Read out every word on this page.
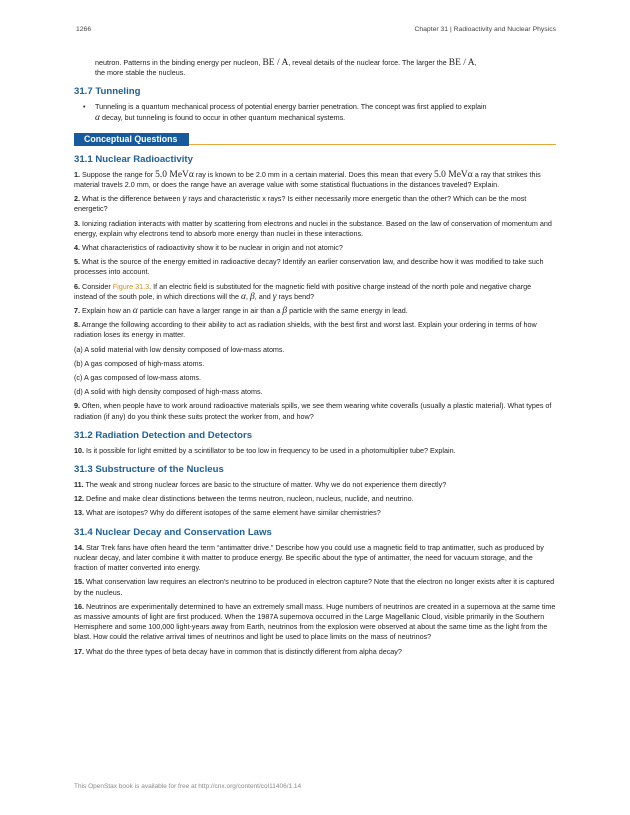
1266	Chapter 31 | Radioactivity and Nuclear Physics
neutron. Patterns in the binding energy per nucleon, BE / A, reveal details of the nuclear force. The larger the BE / A,
the more stable the nucleus.
31.7 Tunneling
• Tunneling is a quantum mechanical process of potential energy barrier penetration. The concept was first applied to explain
α decay, but tunneling is found to occur in other quantum mechanical systems.
Conceptual Questions
31.1 Nuclear Radioactivity

1. Suppose the range for 5.0 MeVα ray is known to be 2.0 mm in a certain material. Does this mean that every 5.0 MeVα a ray that strikes this material travels 2.0 mm, or does the range have an average value with some statistical fluctuations in the distances traveled? Explain.

2. What is the difference between γ rays and characteristic x rays? Is either necessarily more energetic than the other? Which can be the most energetic?

3. Ionizing radiation interacts with matter by scattering from electrons and nuclei in the substance. Based on the law of conservation of momentum and energy, explain why electrons tend to absorb more energy than nuclei in these interactions.

4. What characteristics of radioactivity show it to be nuclear in origin and not atomic?

5. What is the source of the energy emitted in radioactive decay? Identify an earlier conservation law, and describe how it was modified to take such processes into account.

6. Consider Figure 31.3. If an electric field is substituted for the magnetic field with positive charge instead of the north pole and negative charge instead of the south pole, in which directions will the α, β, and γ rays bend?

7. Explain how an α particle can have a larger range in air than a β particle with the same energy in lead.

8. Arrange the following according to their ability to act as radiation shields, with the best first and worst last. Explain your ordering in terms of how radiation loses its energy in matter.

(a) A solid material with low density composed of low-mass atoms.

(b) A gas composed of high-mass atoms.

(c) A gas composed of low-mass atoms.

(d) A solid with high density composed of high-mass atoms.

9. Often, when people have to work around radioactive materials spills, we see them wearing white coveralls (usually a plastic material). What types of radiation (if any) do you think these suits protect the worker from, and how?

31.2 Radiation Detection and Detectors

10. Is it possible for light emitted by a scintillator to be too low in frequency to be used in a photomultiplier tube? Explain.

31.3 Substructure of the Nucleus

11. The weak and strong nuclear forces are basic to the structure of matter. Why we do not experience them directly?

12. Define and make clear distinctions between the terms neutron, nucleon, nucleus, nuclide, and neutrino.

13. What are isotopes? Why do different isotopes of the same element have similar chemistries?

31.4 Nuclear Decay and Conservation Laws

14. Star Trek fans have often heard the term “antimatter drive.” Describe how you could use a magnetic field to trap antimatter, such as produced by nuclear decay, and later combine it with matter to produce energy. Be specific about the type of antimatter, the need for vacuum storage, and the fraction of matter converted into energy.

15. What conservation law requires an electron’s neutrino to be produced in electron capture? Note that the electron no longer exists after it is captured by the nucleus.

16. Neutrinos are experimentally determined to have an extremely small mass. Huge numbers of neutrinos are created in a supernova at the same time as massive amounts of light are first produced. When the 1987A supernova occurred in the Large Magellanic Cloud, visible primarily in the Southern Hemisphere and some 100,000 light-years away from Earth, neutrinos from the explosion were observed at about the same time as the light from the blast. How could the relative arrival times of neutrinos and light be used to place limits on the mass of neutrinos?

17. What do the three types of beta decay have in common that is distinctly different from alpha decay?

This OpenStax book is available for free at http://cnx.org/content/col11406/1.14
